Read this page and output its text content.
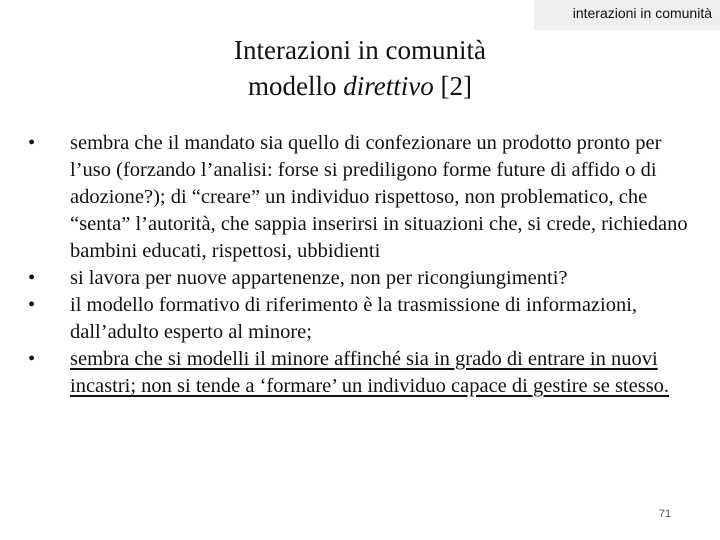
interazioni in comunità
Interazioni in comunità
modello direttivo [2]
• sembra che il mandato sia quello di confezionare un prodotto pronto per l’uso (forzando l’analisi: forse si prediligono forme future di affido o di adozione?); di “creare” un individuo rispettoso, non problematico, che “senta” l’autorità, che sappia inserirsi in situazioni che, si crede, richiedano bambini educati, rispettosi, ubbidienti
• si lavora per nuove appartenenze, non per ricongiungimenti?
• il modello formativo di riferimento è la trasmissione di informazioni, dall’adulto esperto al minore;
• sembra che si modelli il minore affinché sia in grado di entrare in nuovi incastri; non si tende a ‘formare’ un individuo capace di gestire se stesso.
71
